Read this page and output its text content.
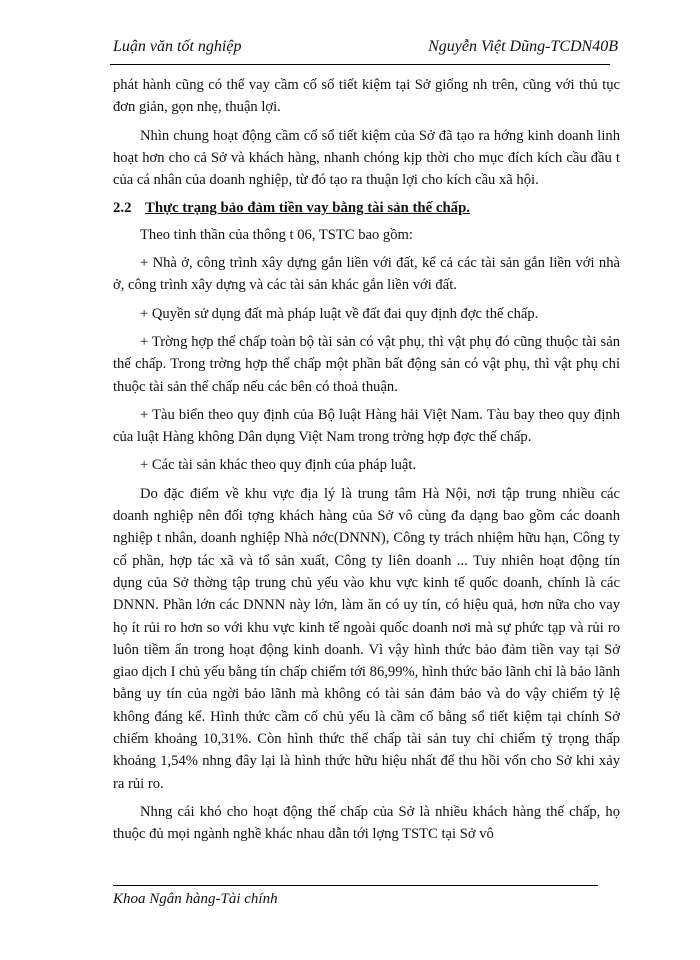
Luận văn tốt nghiệp	Nguyễn Việt Dũng-TCDN40B

phát hành cũng có thể vay cầm cố sổ tiết kiệm tại Sở giống nh trên, cũng với thủ tục đơn giản, gọn nhẹ, thuận lợi.

Nhìn chung hoạt động cầm cố sổ tiết kiệm của Sở đã tạo ra hớng kinh doanh linh hoạt hơn cho cả Sở và khách hàng, nhanh chóng kịp thời cho mục đích kích cầu đầu t của cá nhân của doanh nghiệp, từ đó tạo ra thuận lợi cho kích cầu xã hội.

2.2 Thực trạng bảo đảm tiền vay bằng tài sản thế chấp.

Theo tinh thần của thông t 06, TSTC bao gồm:

+ Nhà ở, công trình xây dựng gắn liền với đất, kể cả các tài sản gắn liền với nhà ở, công trình xây dựng và các tài sản khác gắn liền với đất.

+ Quyền sử dụng đất mà pháp luật về đất đai quy định đợc thế chấp.

+ Trờng hợp thế chấp toàn bộ tài sản có vật phụ, thì vật phụ đó cũng thuộc tài sản thế chấp. Trong trờng hợp thế chấp một phần bất động sản có vật phụ, thì vật phụ chỉ thuộc tài sản thế chấp nếu các bên có thoả thuận.

+ Tàu biển theo quy định của Bộ luật Hàng hải Việt Nam. Tàu bay theo quy định của luật Hàng không Dân dụng Việt Nam trong trờng hợp đợc thế chấp.

+ Các tài sản khác theo quy định của pháp luật.

Do đặc điểm về khu vực địa lý là trung tâm Hà Nội, nơi tập trung nhiều các doanh nghiệp nên đối tợng khách hàng của Sở vô cùng đa dạng bao gồm các doanh nghiệp t nhân, doanh nghiệp Nhà nớc(DNNN), Công ty trách nhiệm hữu hạn, Công ty cổ phần, hợp tác xã và tổ sản xuất, Công ty liên doanh ... Tuy nhiên hoạt động tín dụng của Sở thờng tập trung chủ yếu vào khu vực kinh tế quốc doanh, chính là các DNNN. Phần lớn các DNNN này lớn, làm ăn có uy tín, có hiệu quả, hơn nữa cho vay họ ít rủi ro hơn so với khu vực kinh tế ngoài quốc doanh nơi mà sự phức tạp và rủi ro luôn tiềm ẩn trong hoạt động kinh doanh. Vì vậy hình thức bảo đảm tiền vay tại Sở giao dịch I chủ yếu bằng tín chấp chiếm tới 86,99%, hình thức bảo lãnh chỉ là bảo lãnh bằng uy tín của ngời bảo lãnh mà không có tài sản đảm bảo và do vậy chiếm tỷ lệ không đáng kể. Hình thức cầm cố chủ yếu là cầm cố bằng sổ tiết kiệm tại chính Sở chiếm khoảng 10,31%. Còn hình thức thế chấp tài sản tuy chỉ chiếm tỷ trọng thấp khoảng 1,54% nhng đây lại là hình thức hữu hiệu nhất để thu hồi vốn cho Sở khi xảy ra rủi ro.

Nhng cái khó cho hoạt động thế chấp của Sở là nhiều khách hàng thế chấp, họ thuộc đủ mọi ngành nghề khác nhau dẫn tới lợng TSTC tại Sở vô

Khoa Ngân hàng-Tài chính
